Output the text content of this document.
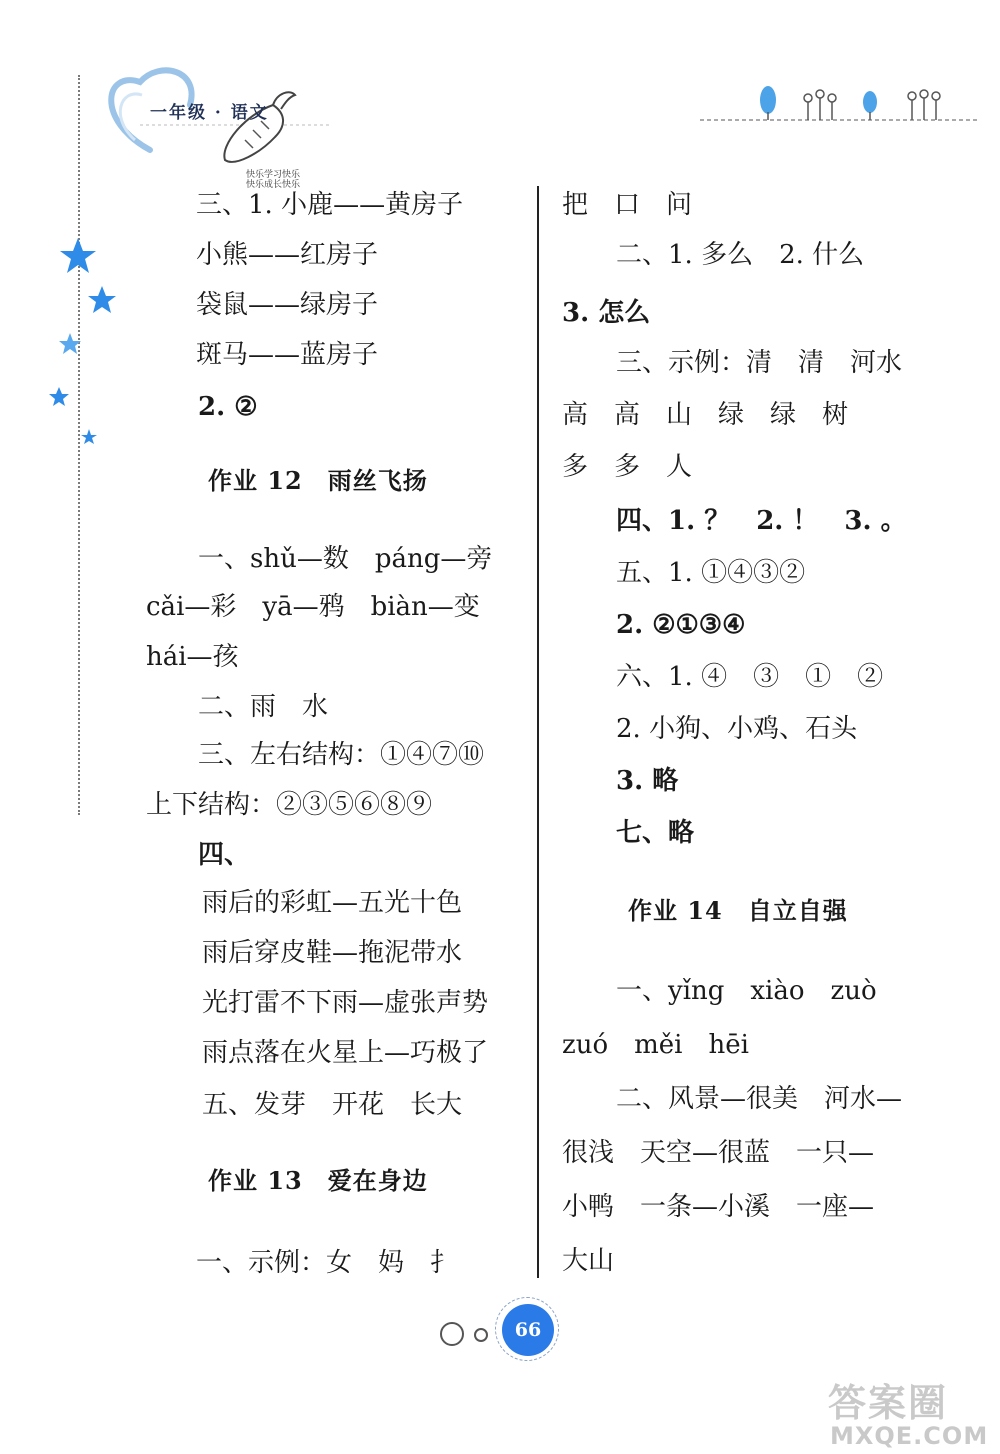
一年级 · 语文
快乐学习快乐
快乐成长快乐
三、1. 小鹿——黄房子
小熊——红房子
袋鼠——绿房子
斑马——蓝房子
2. ②
作业 12　雨丝飞扬
一、shǔ—数　páng—旁
cǎi—彩　yā—鸦　biàn—变
hái—孩
二、雨　水
三、左右结构：①④⑦⑩
上下结构：②③⑤⑥⑧⑨
四、
雨后的彩虹—五光十色
雨后穿皮鞋—拖泥带水
光打雷不下雨—虚张声势
雨点落在火星上—巧极了
五、发芽　开花　长大
作业 13　爱在身边
一、示例：女　妈　扌
把　口　问
二、1. 多么　2. 什么
3. 怎么
三、示例：清　清　河水
高　高　山　绿　绿　树
多　多　人
四、1. ？　2. ！　3. 。
五、1. ①④③②
2. ②①③④
六、1. ④　③　①　②
2. 小狗、小鸡、石头
3. 略
七、略
作业 14　自立自强
一、yǐng　xiào　zuò
zuó　měi　hēi
二、风景—很美　河水—
很浅　天空—很蓝　一只—
小鸭　一条—小溪　一座—
大山
66
答案圈
MXQE.COM
